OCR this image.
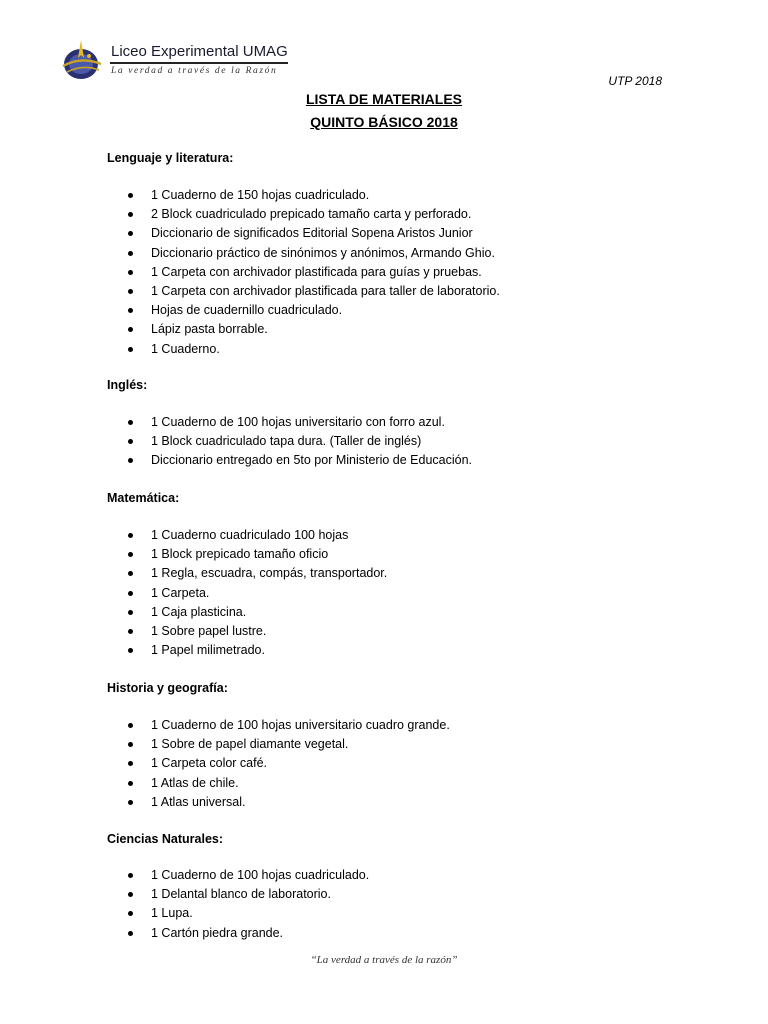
Liceo Experimental UMAG
La verdad a través de la Razón
UTP 2018
LISTA DE MATERIALES
QUINTO BÁSICO 2018
Lenguaje y literatura:
1 Cuaderno de 150 hojas cuadriculado.
2 Block cuadriculado prepicado tamaño carta y perforado.
Diccionario de significados Editorial Sopena Aristos Junior
Diccionario práctico de sinónimos y anónimos, Armando Ghio.
1 Carpeta con archivador plastificada para guías y pruebas.
1 Carpeta con archivador plastificada para taller de laboratorio.
Hojas de cuadernillo cuadriculado.
Lápiz pasta borrable.
1 Cuaderno.
Inglés:
1 Cuaderno de 100 hojas universitario con forro azul.
1 Block cuadriculado tapa dura. (Taller de inglés)
Diccionario entregado en 5to por Ministerio de Educación.
Matemática:
1 Cuaderno cuadriculado 100 hojas
1 Block prepicado tamaño oficio
1 Regla, escuadra, compás, transportador.
1 Carpeta.
1 Caja plasticina.
1 Sobre papel lustre.
1 Papel milimetrado.
Historia y geografía:
1 Cuaderno de 100 hojas universitario cuadro grande.
1 Sobre de papel diamante vegetal.
1 Carpeta color café.
1 Atlas de chile.
1 Atlas universal.
Ciencias Naturales:
1 Cuaderno de 100 hojas cuadriculado.
1 Delantal blanco de laboratorio.
1 Lupa.
1 Cartón piedra grande.
“La verdad a través de la razón”
